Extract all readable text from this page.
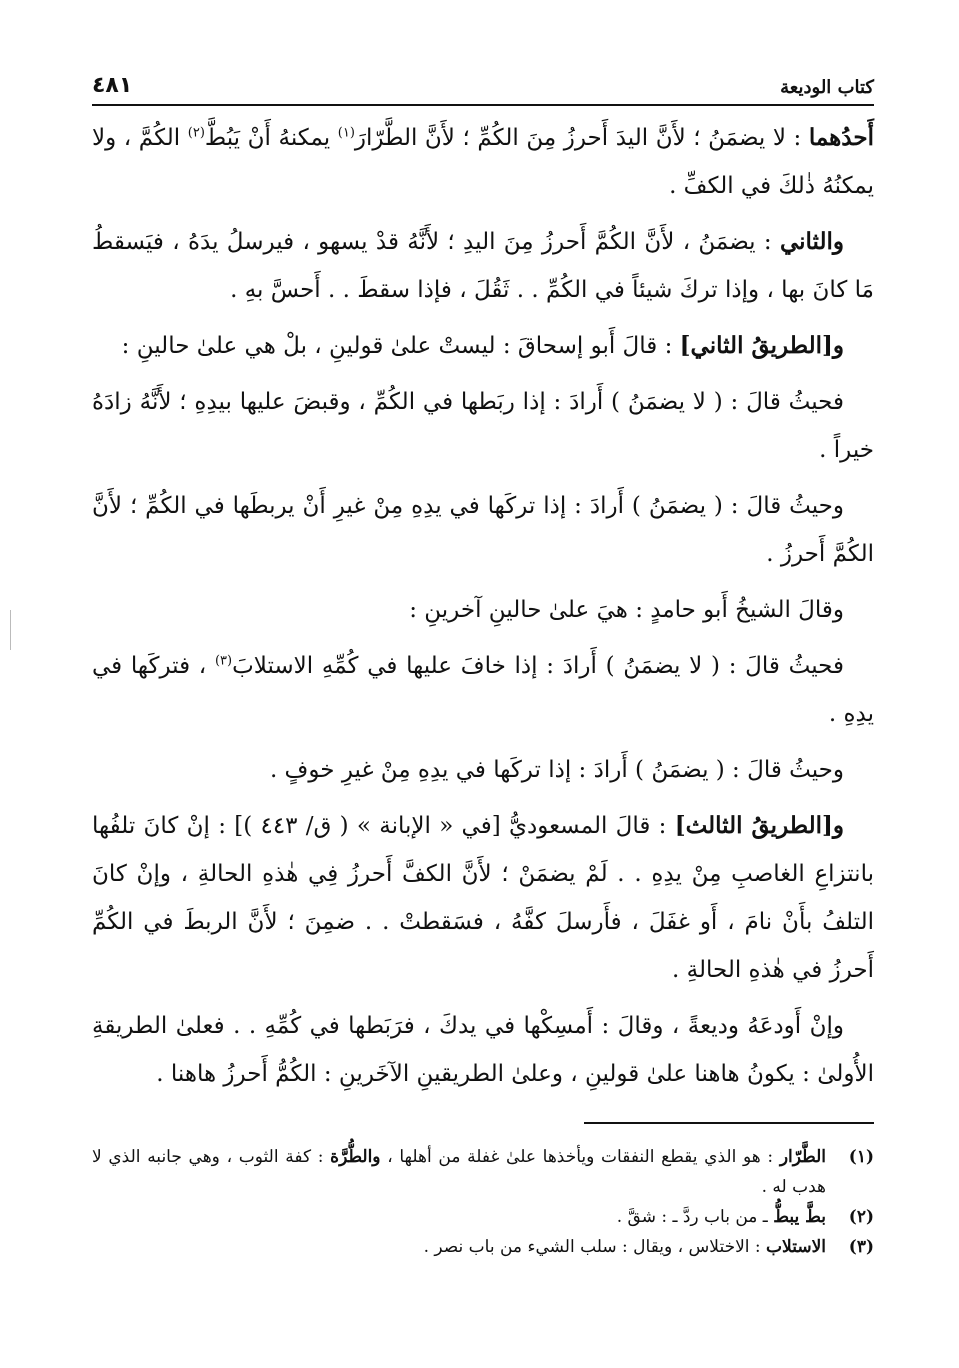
كتاب الوديعة
٤٨١

أَحدُهما : لا يضمَنُ ؛ لأَنَّ اليدَ أَحرزُ مِنَ الكُمِّ ؛ لأَنَّ الطَّرّارَ$^{(١)}$ يمكنهُ أَنْ يَبُطَّ$^{(٢)}$ الكُمَّ ، ولا يمكنُهُ ذٰلكَ في الكفِّ .

والثاني : يضمَنُ ، لأَنَّ الكُمَّ أَحرزُ مِنَ اليدِ ؛ لأَنَّهُ قدْ يسهو ، فيرسلُ يدَهُ ، فيَسقطُ مَا كانَ بها ، وإذا تركَ شيئاً في الكُمِّ . . ثَقُلَ ، فإذا سقطَ . . أَحسَّ بهِ .

و[الطريقُ الثاني] : قالَ أَبو إسحاقَ : ليستْ علىٰ قولينِ ، بلْ هي علىٰ حالينِ :

فحيثُ قالَ : ( لا يضمَنُ ) أَرادَ : إذا ربَطها في الكُمِّ ، وقبضَ عليها بيدِهِ ؛ لأَنَّهُ زادَهُ خيراً .

وحيثُ قالَ : ( يضمَنُ ) أَرادَ : إذا تركَها في يدِهِ مِنْ غيرِ أَنْ يربطَها في الكُمِّ ؛ لأَنَّ الكُمَّ أَحرزُ .

وقالَ الشيخُ أَبو حامدٍ : هيَ علىٰ حالينِ آخرينِ :

فحيثُ قالَ : ( لا يضمَنُ ) أَرادَ : إذا خافَ عليها في كُمِّهِ الاستلابَ$^{(٣)}$ ، فتركَها في يدِهِ .

وحيثُ قالَ : ( يضمَنُ ) أَرادَ : إذا تركَها في يدِهِ مِنْ غيرِ خوفٍ .

و[الطريقُ الثالث] : قالَ المسعوديُّ [في « الإبانة » ( ق/ ٤٤٣ )] : إنْ كانَ تلفُها بانتزاعِ الغاصبِ مِنْ يدِهِ . . لَمْ يضمَنْ ؛ لأَنَّ الكفَّ أَحرزُ فِي هٰذهِ الحالةِ ، وإنْ كانَ التلفُ بأَنْ نامَ ، أَو غفَلَ ، فأَرسلَ كفَّهُ ، فسَقطتْ . . ضمِنَ ؛ لأَنَّ الربطَ في الكُمِّ أَحرزُ في هٰذهِ الحالةِ .

وإنْ أَودعَهُ وديعةً ، وقالَ : أَمسِكْها في يدكَ ، فرَبَطها في كُمِّهِ . . فعلىٰ الطريقةِ الأُولىٰ : يكونُ هاهنا علىٰ قولينِ ، وعلىٰ الطريقينِ الآخَرينِ : الكُمُّ أَحرزُ هاهنا .

(١)
الطَّرّار : هو الذي يقطع النفقات ويأخذها علىٰ غفلة من أهلها ، والطُّرَّة : كفة الثوب ، وهي جانبه الذي لا هدب له .
(٢)
بطَّ يبطُّ ـ من باب ردَّ ـ : شقَّ .
(٣)
الاستلاب : الاختلاس ، ويقال : سلب الشيء من باب نصر .
